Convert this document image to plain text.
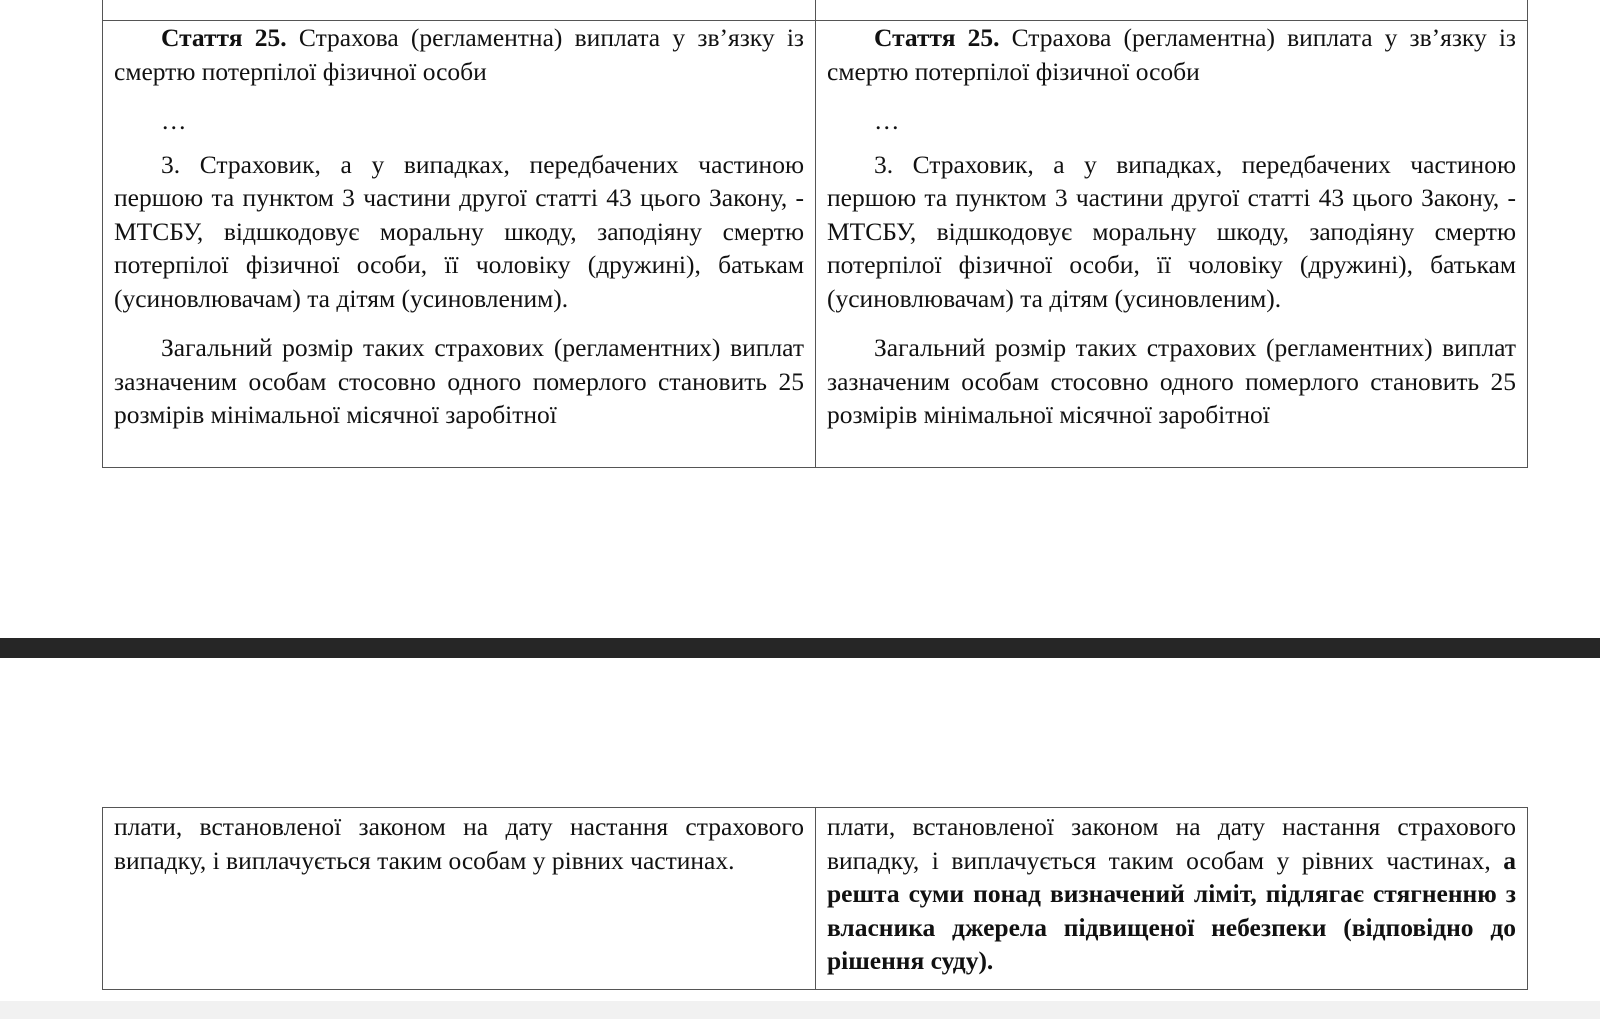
Стаття 25. Страхова (регламентна) виплата у зв’язку із смертю потерпілої фізичної особи

…

3. Страховик, а у випадках, передбачених частиною першою та пунктом 3 частини другої статті 43 цього Закону, - МТСБУ, відшкодовує моральну шкоду, заподіяну смертю потерпілої фізичної особи, її чоловіку (дружині), батькам (усиновлювачам) та дітям (усиновленим).

Загальний розмір таких страхових (регламентних) виплат зазначеним особам стосовно одного померлого становить 25 розмірів мінімальної місячної заробітної

Стаття 25. Страхова (регламентна) виплата у зв’язку із смертю потерпілої фізичної особи

…

3. Страховик, а у випадках, передбачених частиною першою та пунктом 3 частини другої статті 43 цього Закону, - МТСБУ, відшкодовує моральну шкоду, заподіяну смертю потерпілої фізичної особи, її чоловіку (дружині), батькам (усиновлювачам) та дітям (усиновленим).

Загальний розмір таких страхових (регламентних) виплат зазначеним особам стосовно одного померлого становить 25 розмірів мінімальної місячної заробітної

плати, встановленої законом на дату настання страхового випадку, і виплачується таким особам у рівних частинах.

плати, встановленої законом на дату настання страхового випадку, і виплачується таким особам у рівних частинах, а решта суми понад визначений ліміт, підлягає стягненню з власника джерела підвищеної небезпеки (відповідно до рішення суду).
